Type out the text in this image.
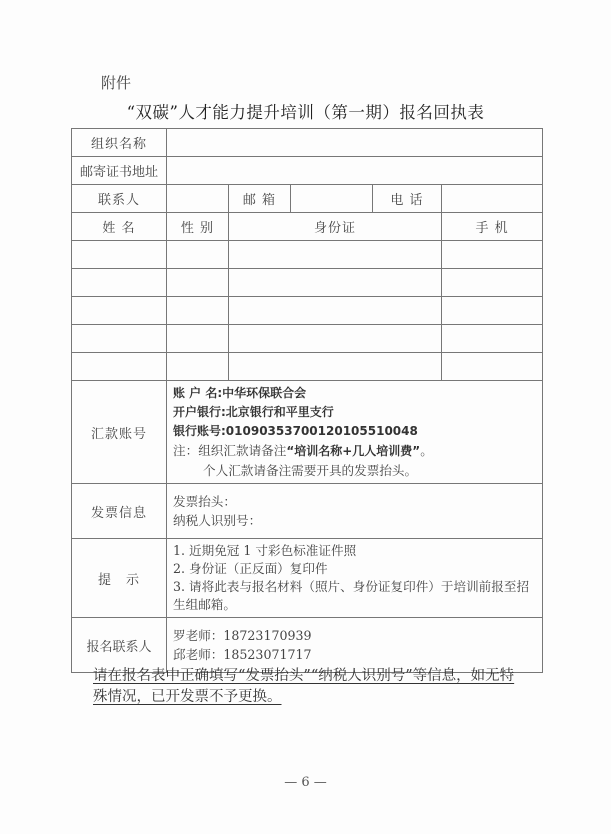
附件
“双碳”人才能力提升培训（第一期）报名回执表
组织名称					
邮寄证书地址					
联系人		邮 箱		电 话	
姓 名	性 别	身份证			手 机

汇款账号	账 户 名:中华环保联合会
开户银行:北京银行和平里支行
银行账号:01090353700120105510048
注：组织汇款请备注“培训名称+几人培训费”。
个人汇款请备注需要开具的发票抬头。				

发票信息	发票抬头：
纳税人识别号：				

提　示	1. 近期免冠 1 寸彩色标准证件照
2. 身份证（正反面）复印件
3. 请将此表与报名材料（照片、身份证复印件）于培训前报至招生组邮箱。				

报名联系人	罗老师：18723170939
邱老师：18523071717				
请在报名表中正确填写“发票抬头”“纳税人识别号”等信息，如无特殊情况，已开发票不予更换。
— 6 —
